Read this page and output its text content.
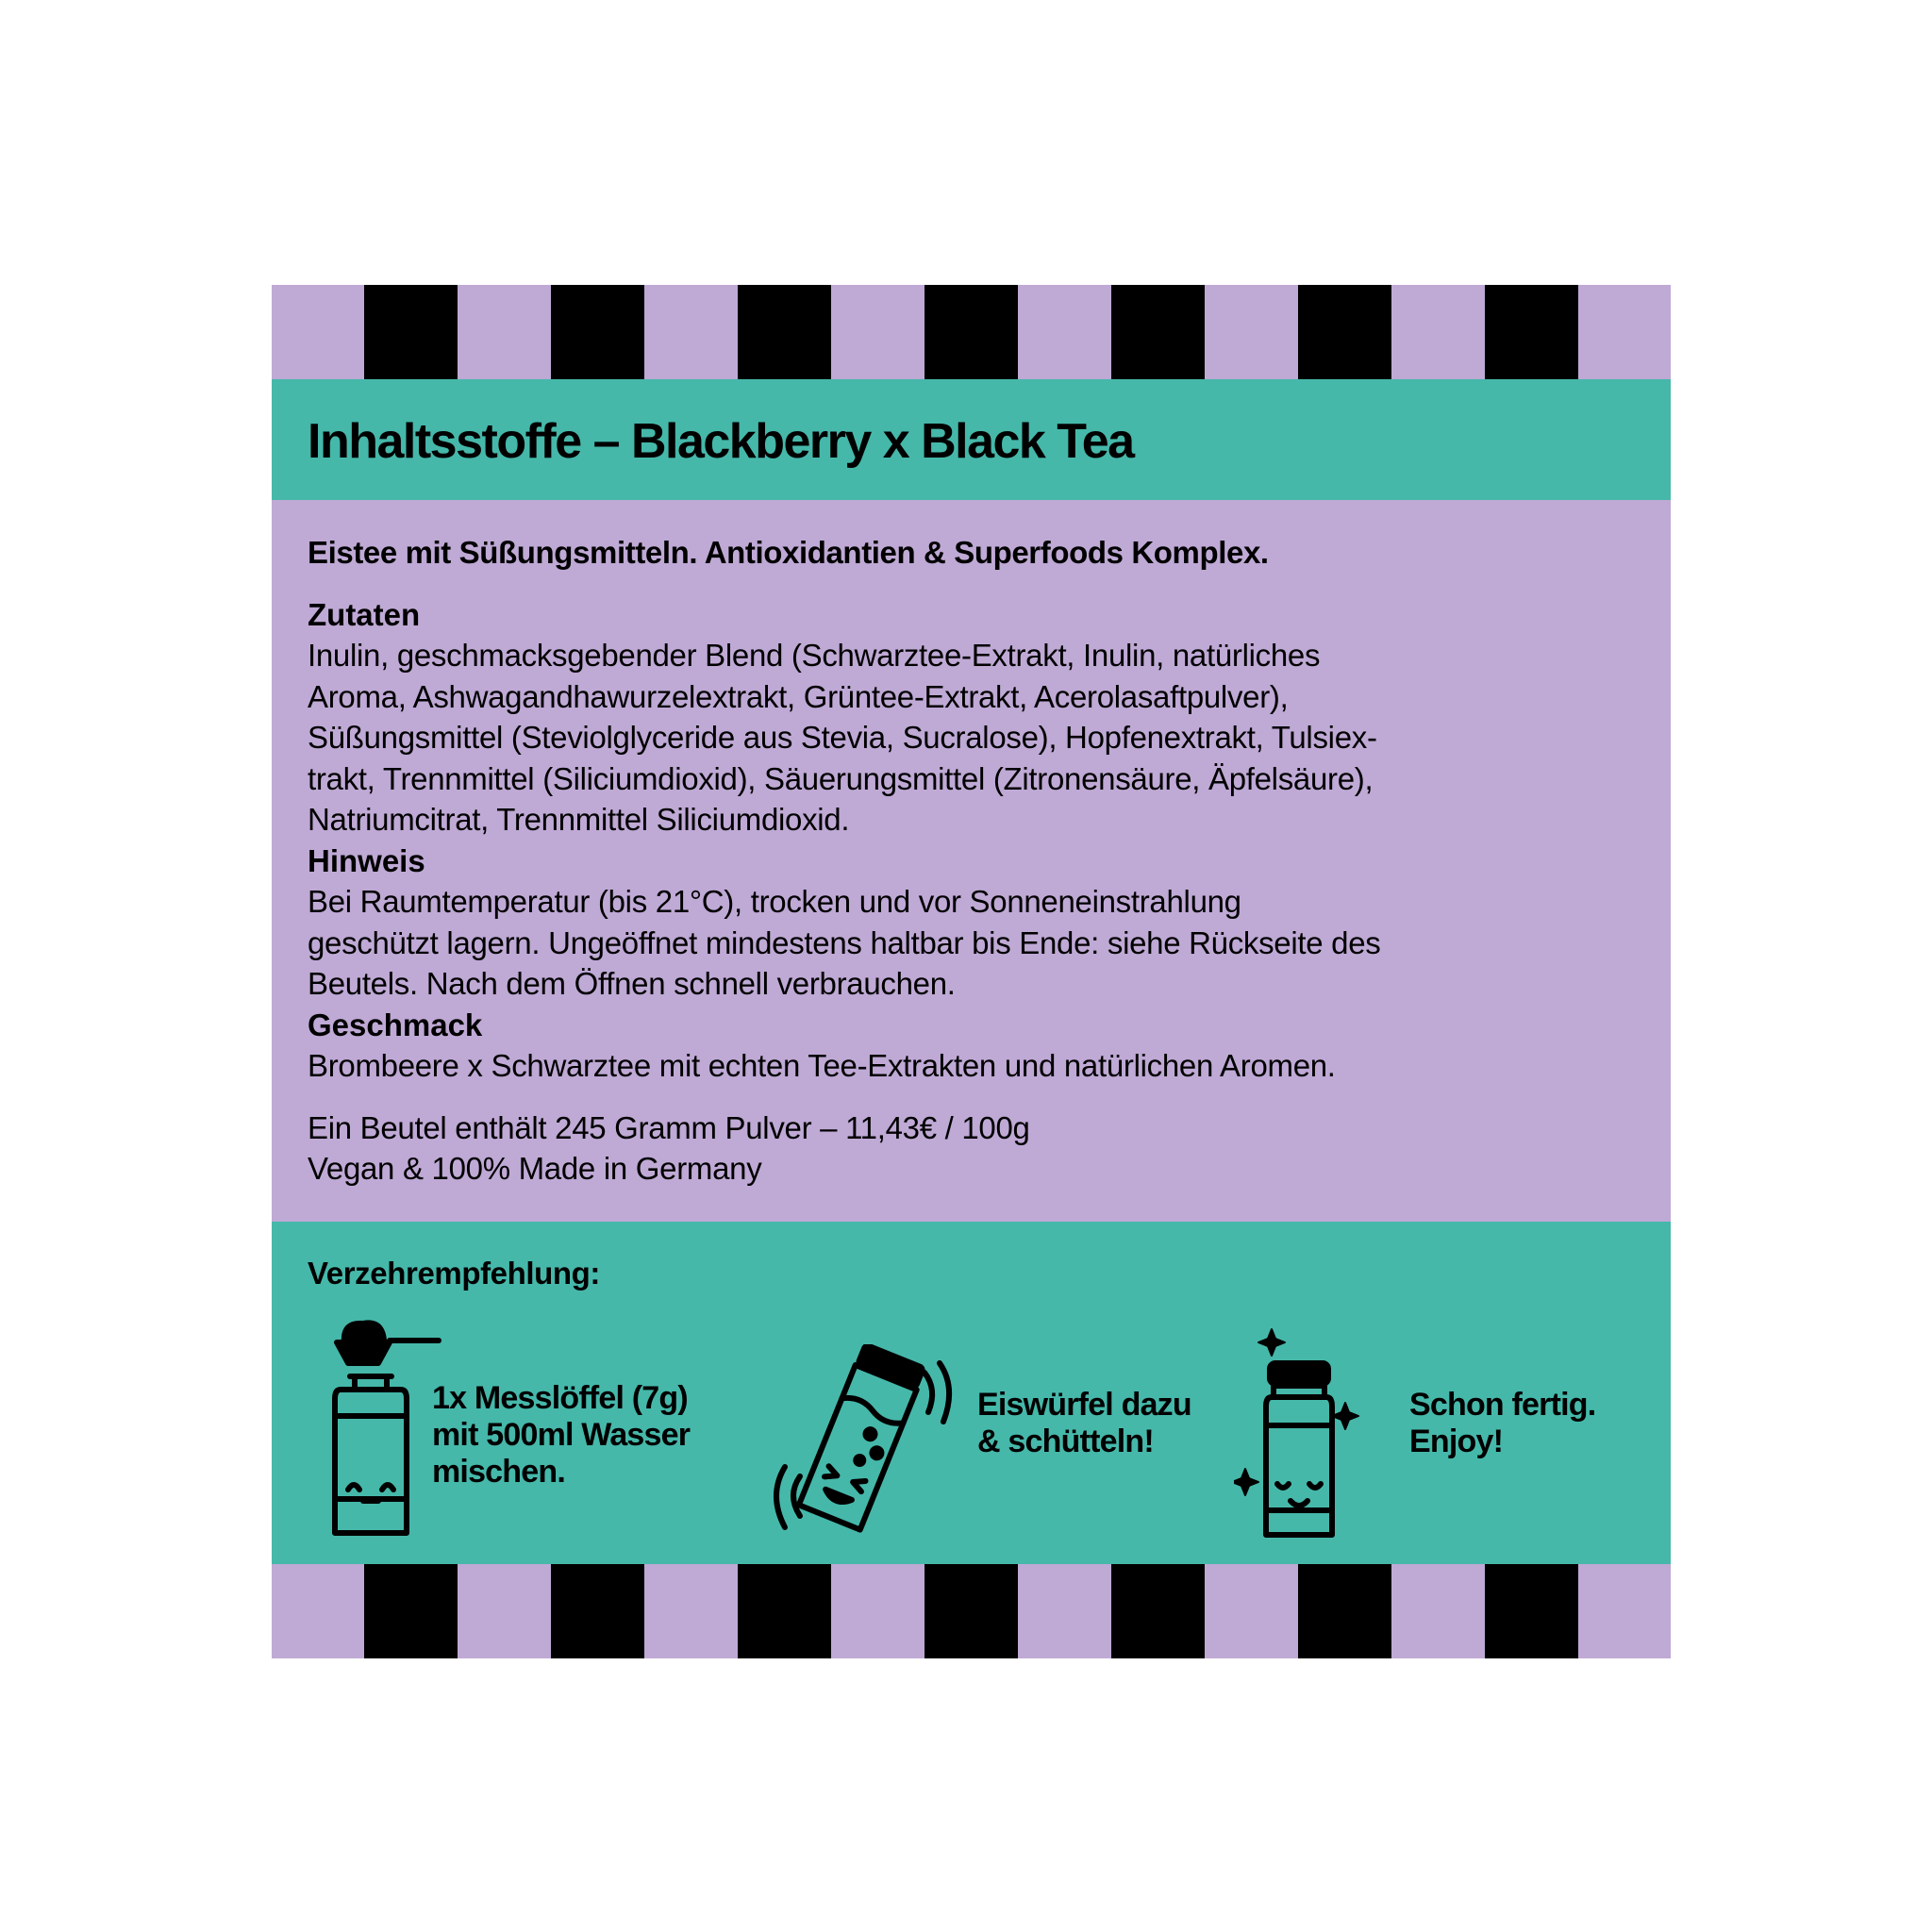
Inhaltsstoffe – Blackberry x Black Tea
Eistee mit Süßungsmitteln. Antioxidantien & Superfoods Komplex.
Zutaten
Inulin, geschmacksgebender Blend (Schwarztee-Extrakt, Inulin, natürliches
Aroma, Ashwagandhawurzelextrakt, Grüntee-Extrakt, Acerolasaftpulver),
Süßungsmittel (Steviolglyceride aus Stevia, Sucralose), Hopfenextrakt, Tulsiex-
trakt, Trennmittel (Siliciumdioxid), Säuerungsmittel (Zitronensäure, Äpfelsäure),
Natriumcitrat, Trennmittel Siliciumdioxid.
Hinweis
Bei Raumtemperatur (bis 21°C), trocken und vor Sonneneinstrahlung
geschützt lagern. Ungeöffnet mindestens haltbar bis Ende: siehe Rückseite des
Beutels. Nach dem Öffnen schnell verbrauchen.
Geschmack
Brombeere x Schwarztee mit echten Tee-Extrakten und natürlichen Aromen.
Ein Beutel enthält 245 Gramm Pulver – 11,43€ / 100g
Vegan & 100% Made in Germany
Verzehrempfehlung:
1x Messlöffel (7g)
mit 500ml Wasser
mischen.
Eiswürfel dazu
& schütteln!
Schon fertig.
Enjoy!
